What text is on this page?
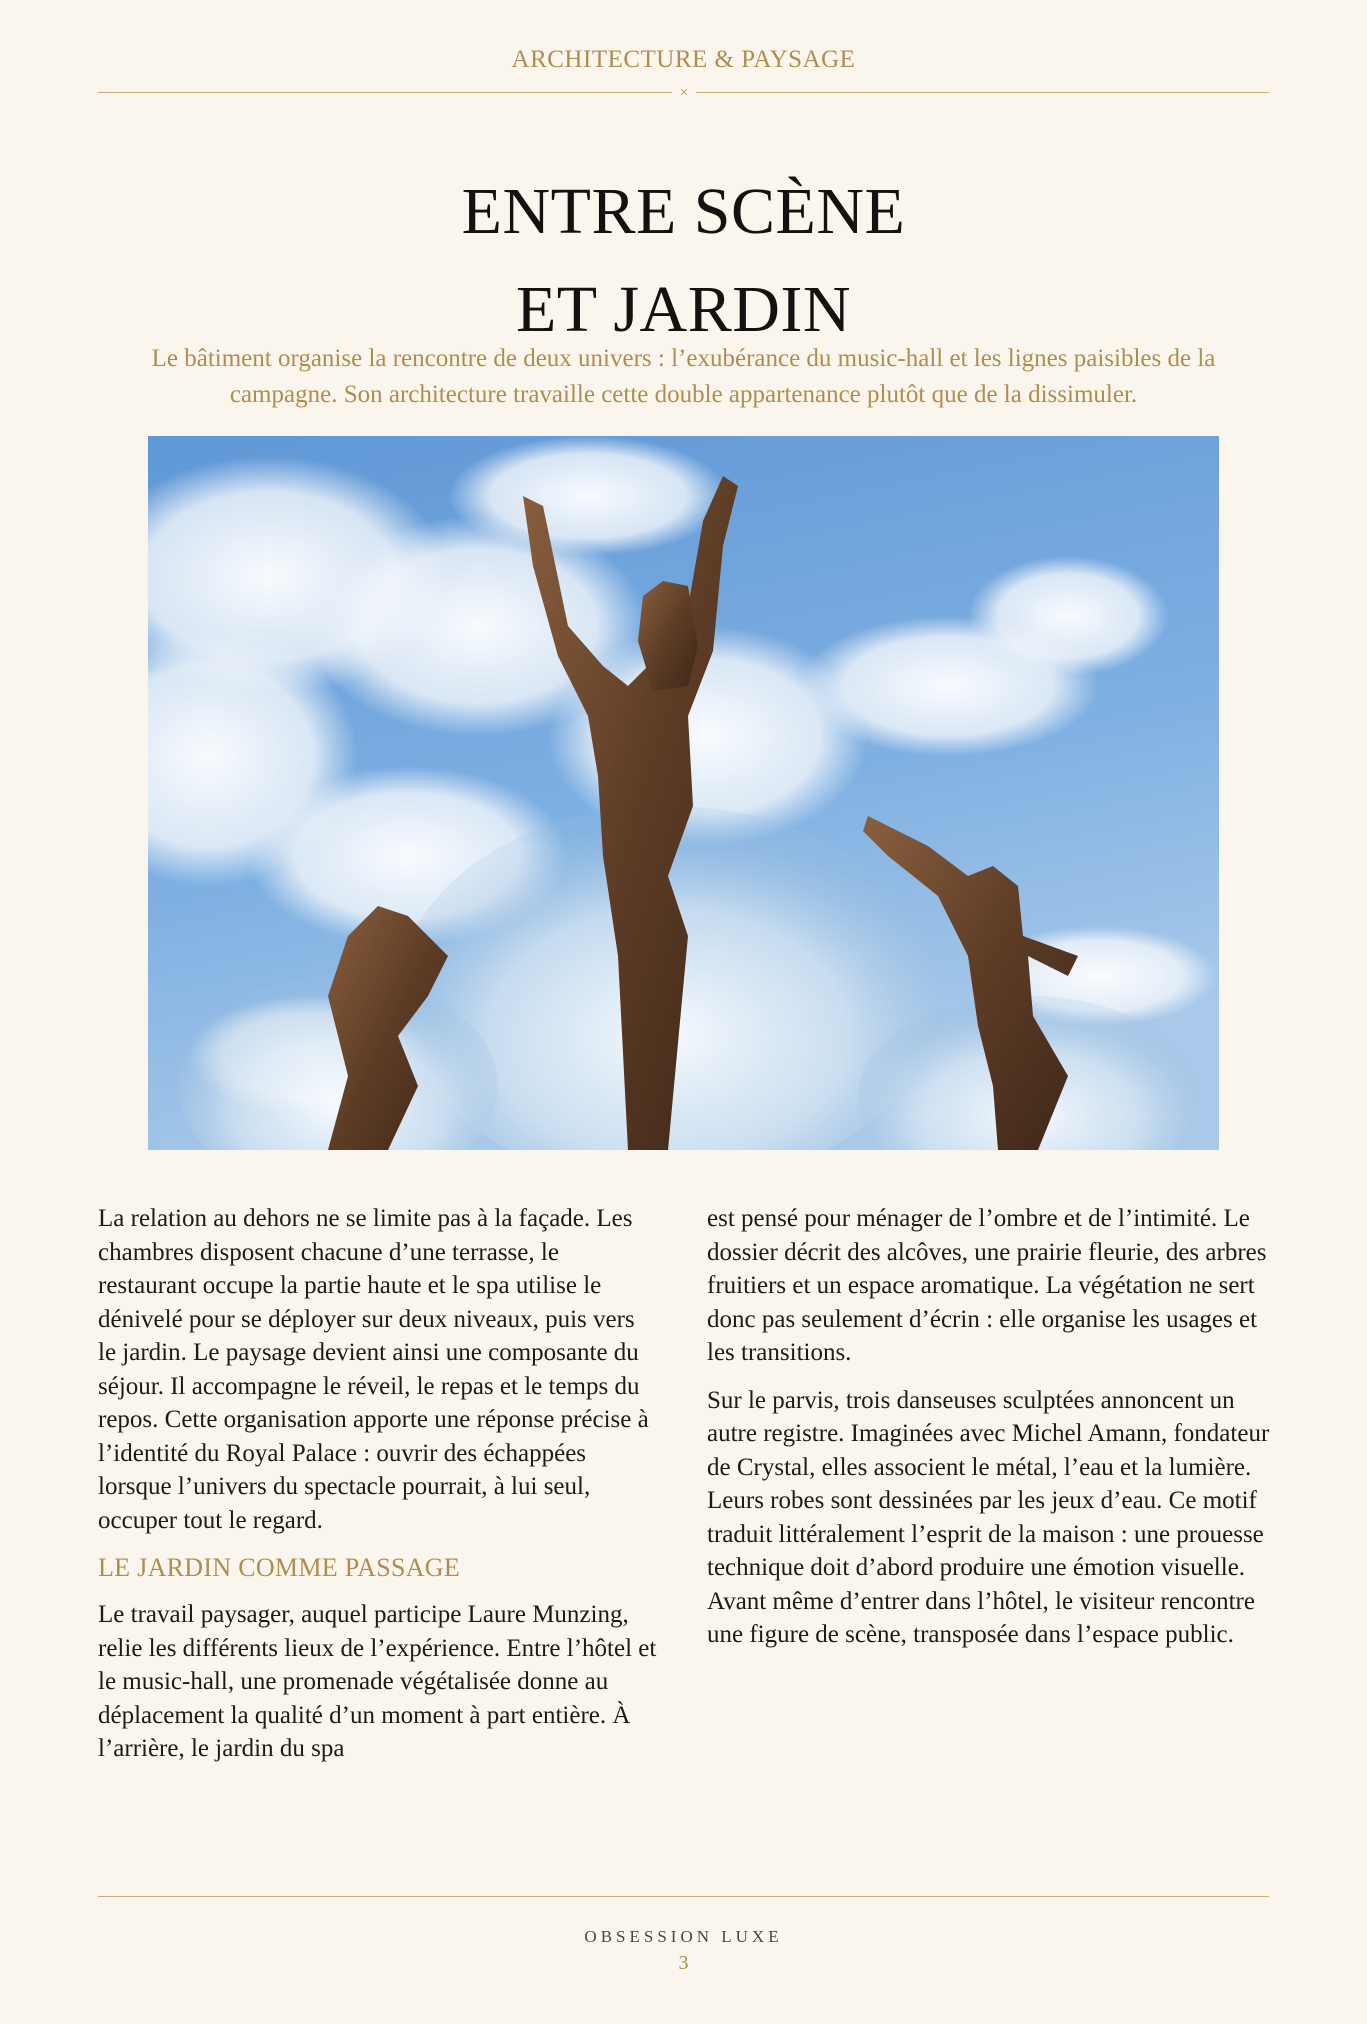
ARCHITECTURE & PAYSAGE
×
ENTRE SCÈNE
ET JARDIN
Le bâtiment organise la rencontre de deux univers : l’exubérance du music-hall et les lignes paisibles de la campagne. Son architecture travaille cette double appartenance plutôt que de la dissimuler.

La relation au dehors ne se limite pas à la façade. Les chambres disposent chacune d’une terrasse, le restaurant occupe la partie haute et le spa utilise le dénivelé pour se déployer sur deux niveaux, puis vers le jardin. Le paysage devient ainsi une composante du séjour. Il accompagne le réveil, le repas et le temps du repos. Cette organisation apporte une réponse précise à l’identité du Royal Palace : ouvrir des échappées lorsque l’univers du spectacle pourrait, à lui seul, occuper tout le regard.

LE JARDIN COMME PASSAGE

Le travail paysager, auquel participe Laure Munzing, relie les différents lieux de l’expérience. Entre l’hôtel et le music-hall, une promenade végétalisée donne au déplacement la qualité d’un moment à part entière. À l’arrière, le jardin du spa

est pensé pour ménager de l’ombre et de l’intimité. Le dossier décrit des alcôves, une prairie fleurie, des arbres fruitiers et un espace aromatique. La végétation ne sert donc pas seulement d’écrin : elle organise les usages et les transitions.

Sur le parvis, trois danseuses sculptées annoncent un autre registre. Imaginées avec Michel Amann, fondateur de Crystal, elles associent le métal, l’eau et la lumière. Leurs robes sont dessinées par les jeux d’eau. Ce motif traduit littéralement l’esprit de la maison : une prouesse technique doit d’abord produire une émotion visuelle. Avant même d’entrer dans l’hôtel, le visiteur rencontre une figure de scène, transposée dans l’espace public.

OBSESSION LUXE
3
